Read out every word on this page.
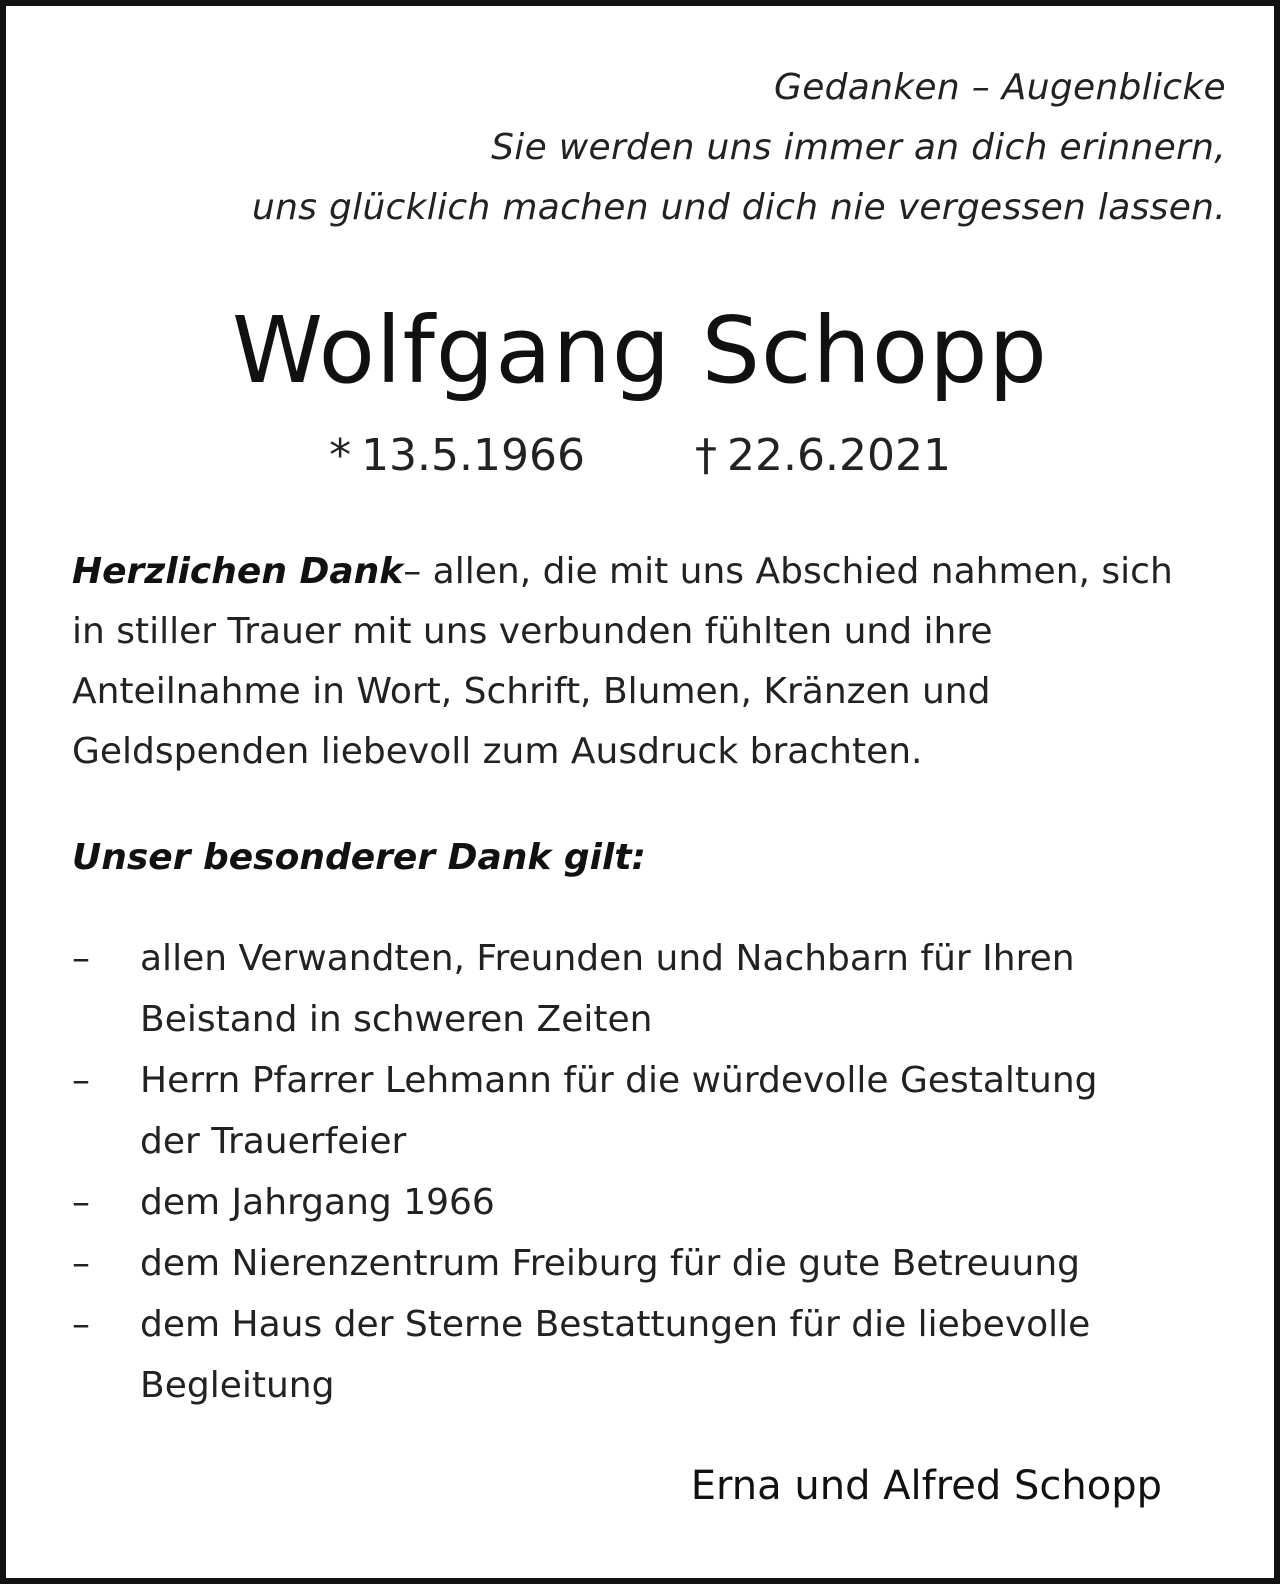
Gedanken – Augenblicke
Sie werden uns immer an dich erinnern,
uns glücklich machen und dich nie vergessen lassen.
Wolfgang Schopp
* 13.5.1966	† 22.6.2021
Herzlichen Dank– allen, die mit uns Abschied nahmen, sich
in stiller Trauer mit uns verbunden fühlten und ihre
Anteilnahme in Wort, Schrift, Blumen, Kränzen und
Geldspenden liebevoll zum Ausdruck brachten.
Unser besonderer Dank gilt:
– allen Verwandten, Freunden und Nachbarn für Ihren
Beistand in schweren Zeiten
– Herrn Pfarrer Lehmann für die würdevolle Gestaltung
der Trauerfeier
– dem Jahrgang 1966
– dem Nierenzentrum Freiburg für die gute Betreuung
– dem Haus der Sterne Bestattungen für die liebevolle
Begleitung
Erna und Alfred Schopp
